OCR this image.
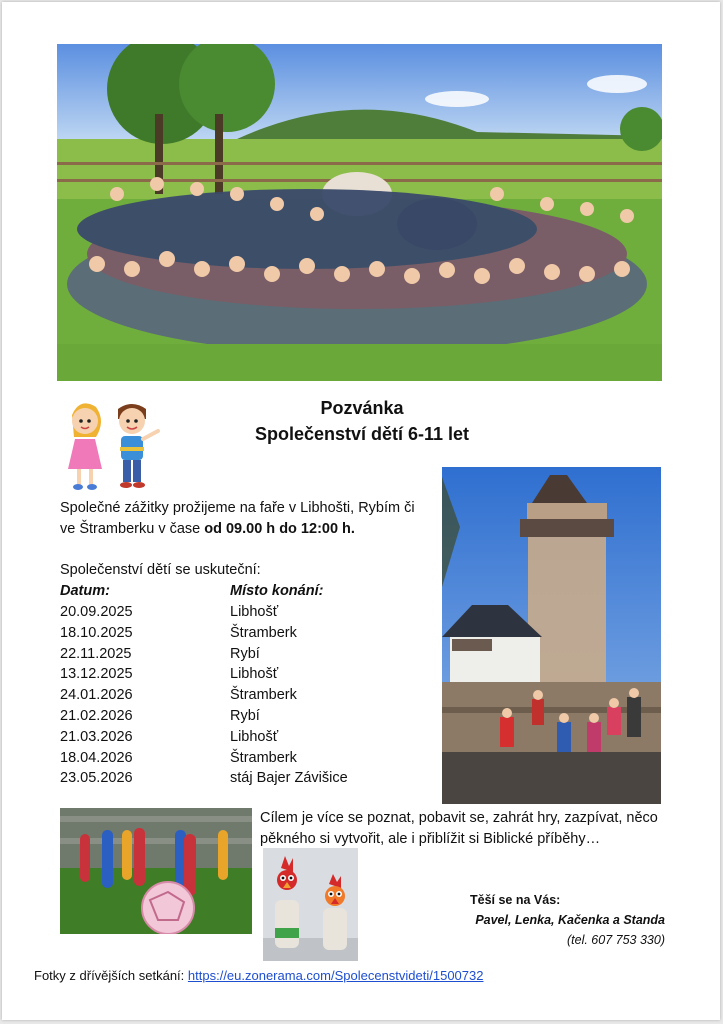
Pozvánka
Společenství dětí 6-11 let
Společné zážitky prožijeme na faře v Libhošti, Rybím či ve Štramberku v čase od 09.00 h do 12:00 h.
Společenství dětí se uskuteční:
Datum:	Místo konání:
20.09.2025	Libhošť
18.10.2025	Štramberk
22.11.2025	Rybí
13.12.2025	Libhošť
24.01.2026	Štramberk
21.02.2026	Rybí
21.03.2026	Libhošť
18.04.2026	Štramberk
23.05.2026	stáj Bajer Závišice
Cílem je více se poznat, pobavit se, zahrát hry, zazpívat, něco pěkného si vytvořit, ale i přiblížit si Biblické příběhy…
Těší se na Vás:
Pavel, Lenka, Kačenka a Standa
(tel. 607 753 330)
Fotky z dřívějších setkání: https://eu.zonerama.com/Spolecenstvideti/1500732
